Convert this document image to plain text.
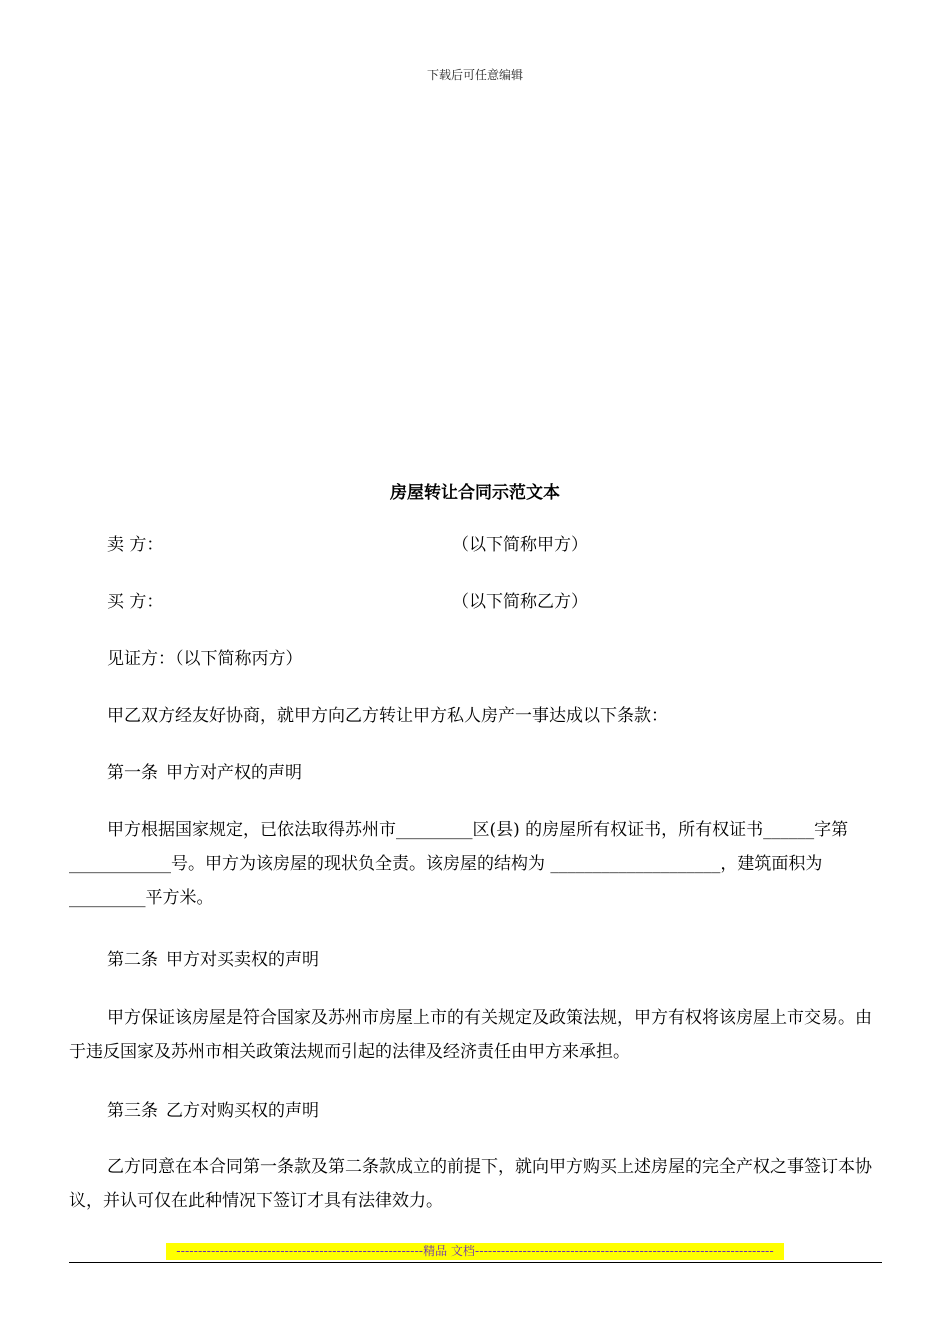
下载后可任意编辑
房屋转让合同示范文本
卖 方：	（以下简称甲方）
买 方：	（以下简称乙方）
见证方：（以下简称丙方）
甲乙双方经友好协商，就甲方向乙方转让甲方私人房产一事达成以下条款：
第一条 甲方对产权的声明
甲方根据国家规定，已依法取得苏州市_________区(县) 的房屋所有权证书，所有权证书______字第____________号。甲方为该房屋的现状负全责。该房屋的结构为 ____________________，建筑面积为_________平方米。
第二条 甲方对买卖权的声明
甲方保证该房屋是符合国家及苏州市房屋上市的有关规定及政策法规，甲方有权将该房屋上市交易。由于违反国家及苏州市相关政策法规而引起的法律及经济责任由甲方来承担。
第三条 乙方对购买权的声明
乙方同意在本合同第一条款及第二条款成立的前提下，就向甲方购买上述房屋的完全产权之事签订本协议，并认可仅在此种情况下签订才具有法律效力。
---------------------------------------------------------精品 文档---------------------------------------------------------------------
